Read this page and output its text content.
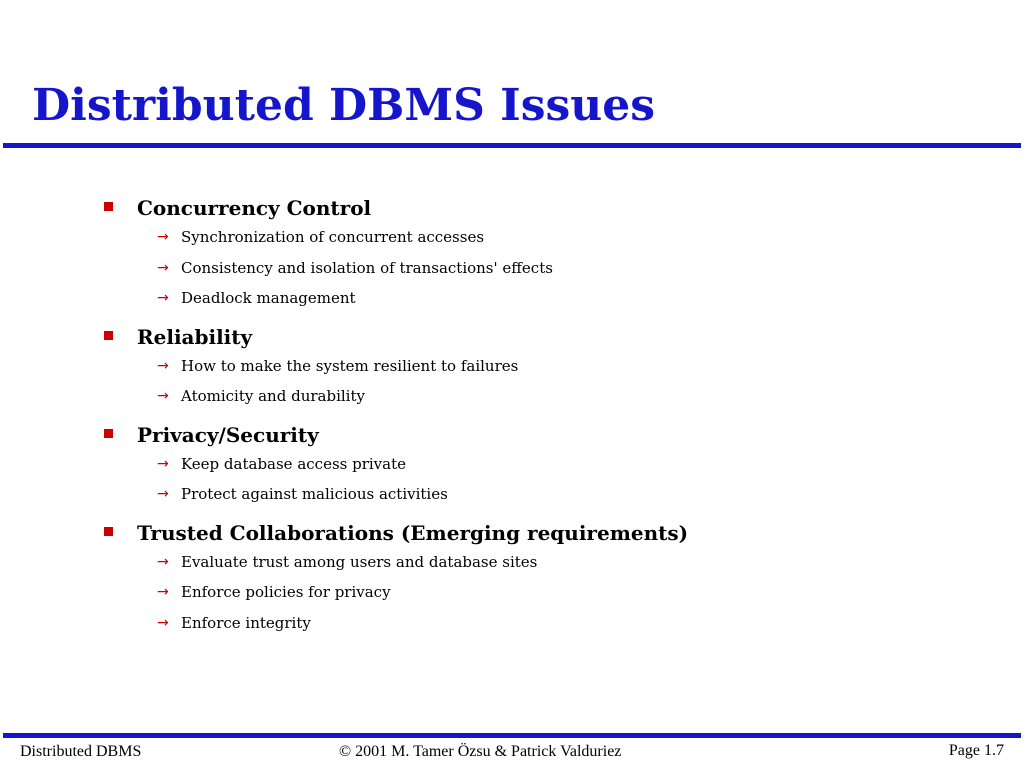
Distributed DBMS Issues
Concurrency Control
→ Synchronization of concurrent accesses
→ Consistency and isolation of transactions' effects
→ Deadlock management
Reliability
→ How to make the system resilient to failures
→ Atomicity and durability
Privacy/Security
→ Keep database access private
→ Protect against malicious activities
Trusted Collaborations (Emerging requirements)
→ Evaluate trust among users and database sites
→ Enforce policies for privacy
→ Enforce integrity
Distributed DBMS	© 2001 M. Tamer Özsu & Patrick Valduriez	Page 1.7
